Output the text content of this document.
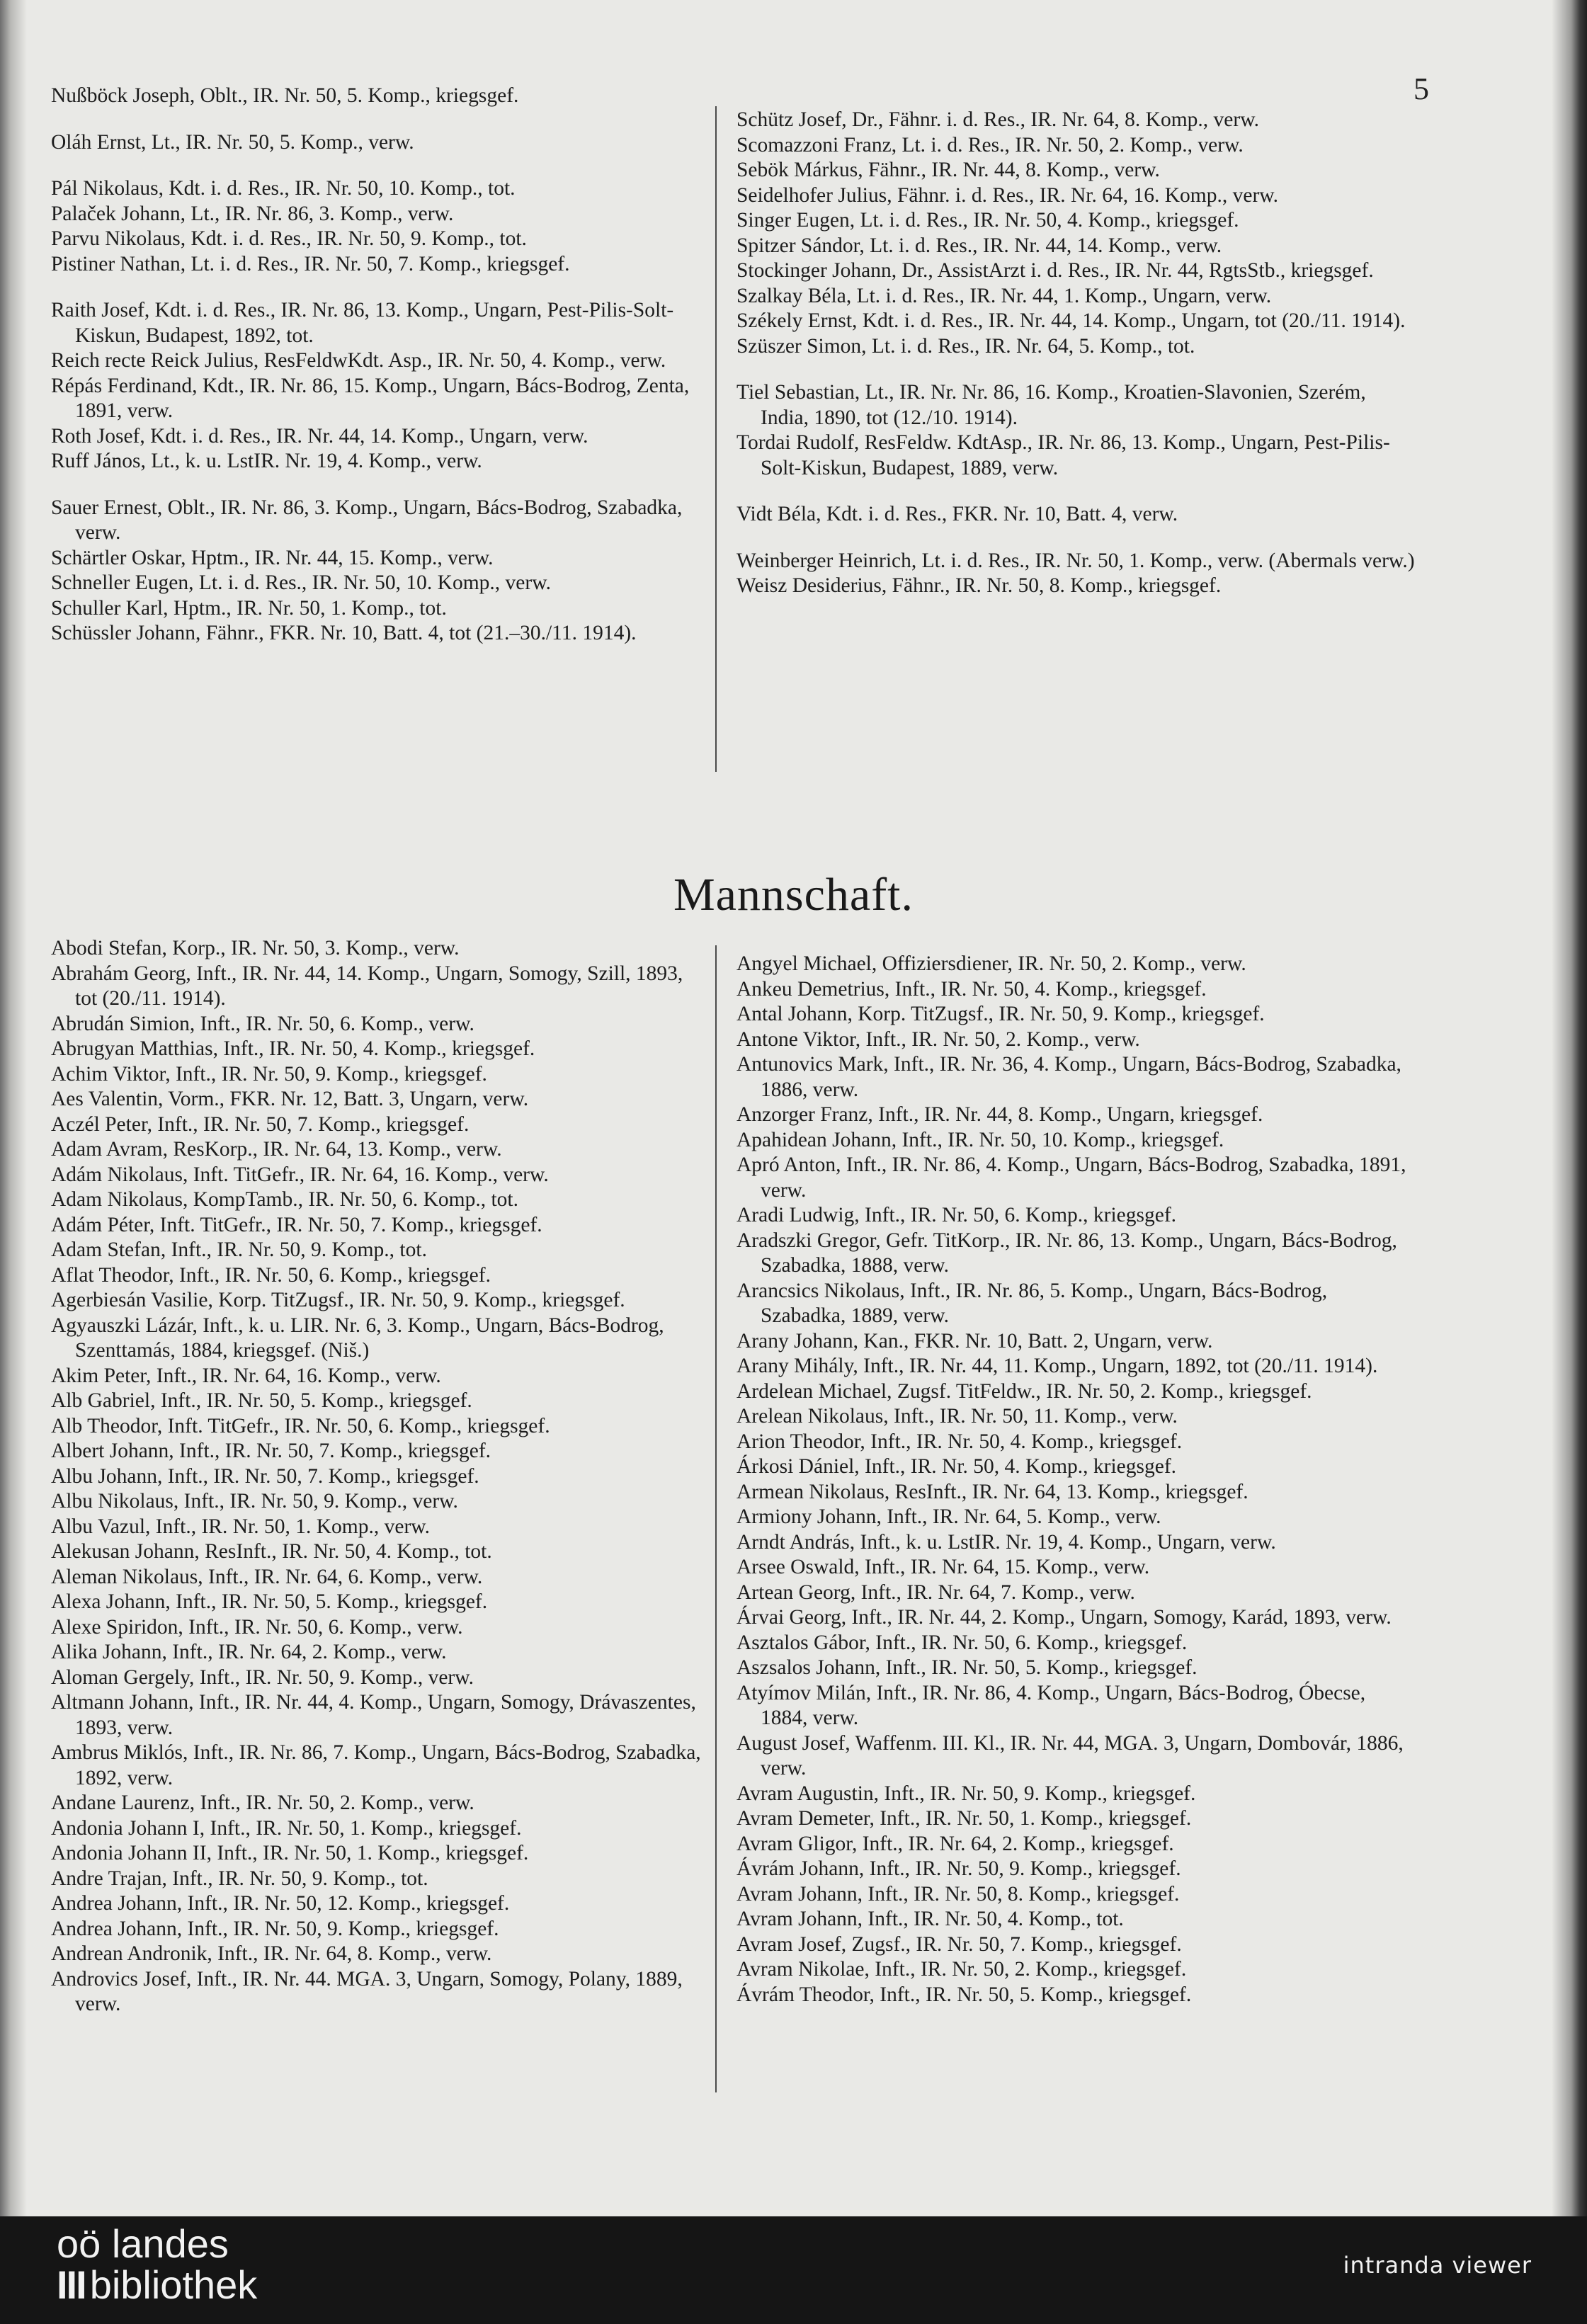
5
Nußböck Joseph, Oblt., IR. Nr. 50, 5. Komp., kriegsgef.
Oláh Ernst, Lt., IR. Nr. 50, 5. Komp., verw.
Pál Nikolaus, Kdt. i. d. Res., IR. Nr. 50, 10. Komp., tot.
Palaček Johann, Lt., IR. Nr. 86, 3. Komp., verw.
Parvu Nikolaus, Kdt. i. d. Res., IR. Nr. 50, 9. Komp., tot.
Pistiner Nathan, Lt. i. d. Res., IR. Nr. 50, 7. Komp., kriegsgef.
Raith Josef, Kdt. i. d. Res., IR. Nr. 86, 13. Komp., Ungarn, Pest-Pilis-Solt-Kiskun, Budapest, 1892, tot.
Reich recte Reick Julius, ResFeldwKdt. Asp., IR. Nr. 50, 4. Komp., verw.
Répás Ferdinand, Kdt., IR. Nr. 86, 15. Komp., Ungarn, Bács-Bodrog, Zenta, 1891, verw.
Roth Josef, Kdt. i. d. Res., IR. Nr. 44, 14. Komp., Ungarn, verw.
Ruff János, Lt., k. u. LstIR. Nr. 19, 4. Komp., verw.
Sauer Ernest, Oblt., IR. Nr. 86, 3. Komp., Ungarn, Bács-Bodrog, Szabadka, verw.
Schärtler Oskar, Hptm., IR. Nr. 44, 15. Komp., verw.
Schneller Eugen, Lt. i. d. Res., IR. Nr. 50, 10. Komp., verw.
Schuller Karl, Hptm., IR. Nr. 50, 1. Komp., tot.
Schüssler Johann, Fähnr., FKR. Nr. 10, Batt. 4, tot (21.–30./11. 1914).
Schütz Josef, Dr., Fähnr. i. d. Res., IR. Nr. 64, 8. Komp., verw.
Scomazzoni Franz, Lt. i. d. Res., IR. Nr. 50, 2. Komp., verw.
Sebök Márkus, Fähnr., IR. Nr. 44, 8. Komp., verw.
Seidelhofer Julius, Fähnr. i. d. Res., IR. Nr. 64, 16. Komp., verw.
Singer Eugen, Lt. i. d. Res., IR. Nr. 50, 4. Komp., kriegsgef.
Spitzer Sándor, Lt. i. d. Res., IR. Nr. 44, 14. Komp., verw.
Stockinger Johann, Dr., AssistArzt i. d. Res., IR. Nr. 44, RgtsStb., kriegsgef.
Szalkay Béla, Lt. i. d. Res., IR. Nr. 44, 1. Komp., Ungarn, verw.
Székely Ernst, Kdt. i. d. Res., IR. Nr. 44, 14. Komp., Ungarn, tot (20./11. 1914).
Szüszer Simon, Lt. i. d. Res., IR. Nr. 64, 5. Komp., tot.
Tiel Sebastian, Lt., IR. Nr. Nr. 86, 16. Komp., Kroatien-Slavonien, Szerém, India, 1890, tot (12./10. 1914).
Tordai Rudolf, ResFeldw. KdtAsp., IR. Nr. 86, 13. Komp., Ungarn, Pest-Pilis-Solt-Kiskun, Budapest, 1889, verw.
Vidt Béla, Kdt. i. d. Res., FKR. Nr. 10, Batt. 4, verw.
Weinberger Heinrich, Lt. i. d. Res., IR. Nr. 50, 1. Komp., verw. (Abermals verw.)
Weisz Desiderius, Fähnr., IR. Nr. 50, 8. Komp., kriegsgef.
Mannschaft.
Abodi Stefan, Korp., IR. Nr. 50, 3. Komp., verw.
Abrahám Georg, Inft., IR. Nr. 44, 14. Komp., Ungarn, Somogy, Szill, 1893, tot (20./11. 1914).
Abrudán Simion, Inft., IR. Nr. 50, 6. Komp., verw.
Abrugyan Matthias, Inft., IR. Nr. 50, 4. Komp., kriegsgef.
Achim Viktor, Inft., IR. Nr. 50, 9. Komp., kriegsgef.
Aes Valentin, Vorm., FKR. Nr. 12, Batt. 3, Ungarn, verw.
Aczél Peter, Inft., IR. Nr. 50, 7. Komp., kriegsgef.
Adam Avram, ResKorp., IR. Nr. 64, 13. Komp., verw.
Adám Nikolaus, Inft. TitGefr., IR. Nr. 64, 16. Komp., verw.
Adam Nikolaus, KompTamb., IR. Nr. 50, 6. Komp., tot.
Adám Péter, Inft. TitGefr., IR. Nr. 50, 7. Komp., kriegsgef.
Adam Stefan, Inft., IR. Nr. 50, 9. Komp., tot.
Aflat Theodor, Inft., IR. Nr. 50, 6. Komp., kriegsgef.
Agerbiesán Vasilie, Korp. TitZugsf., IR. Nr. 50, 9. Komp., kriegsgef.
Agyauszki Lázár, Inft., k. u. LIR. Nr. 6, 3. Komp., Ungarn, Bács-Bodrog, Szenttamás, 1884, kriegsgef. (Niš.)
Akim Peter, Inft., IR. Nr. 64, 16. Komp., verw.
Alb Gabriel, Inft., IR. Nr. 50, 5. Komp., kriegsgef.
Alb Theodor, Inft. TitGefr., IR. Nr. 50, 6. Komp., kriegsgef.
Albert Johann, Inft., IR. Nr. 50, 7. Komp., kriegsgef.
Albu Johann, Inft., IR. Nr. 50, 7. Komp., kriegsgef.
Albu Nikolaus, Inft., IR. Nr. 50, 9. Komp., verw.
Albu Vazul, Inft., IR. Nr. 50, 1. Komp., verw.
Alekusan Johann, ResInft., IR. Nr. 50, 4. Komp., tot.
Aleman Nikolaus, Inft., IR. Nr. 64, 6. Komp., verw.
Alexa Johann, Inft., IR. Nr. 50, 5. Komp., kriegsgef.
Alexe Spiridon, Inft., IR. Nr. 50, 6. Komp., verw.
Alika Johann, Inft., IR. Nr. 64, 2. Komp., verw.
Aloman Gergely, Inft., IR. Nr. 50, 9. Komp., verw.
Altmann Johann, Inft., IR. Nr. 44, 4. Komp., Ungarn, Somogy, Drávaszentes, 1893, verw.
Ambrus Miklós, Inft., IR. Nr. 86, 7. Komp., Ungarn, Bács-Bodrog, Szabadka, 1892, verw.
Andane Laurenz, Inft., IR. Nr. 50, 2. Komp., verw.
Andonia Johann I, Inft., IR. Nr. 50, 1. Komp., kriegsgef.
Andonia Johann II, Inft., IR. Nr. 50, 1. Komp., kriegsgef.
Andre Trajan, Inft., IR. Nr. 50, 9. Komp., tot.
Andrea Johann, Inft., IR. Nr. 50, 12. Komp., kriegsgef.
Andrea Johann, Inft., IR. Nr. 50, 9. Komp., kriegsgef.
Andrean Andronik, Inft., IR. Nr. 64, 8. Komp., verw.
Androvics Josef, Inft., IR. Nr. 44. MGA. 3, Ungarn, Somogy, Polany, 1889, verw.
Angyel Michael, Offiziersdiener, IR. Nr. 50, 2. Komp., verw.
Ankeu Demetrius, Inft., IR. Nr. 50, 4. Komp., kriegsgef.
Antal Johann, Korp. TitZugsf., IR. Nr. 50, 9. Komp., kriegsgef.
Antone Viktor, Inft., IR. Nr. 50, 2. Komp., verw.
Antunovics Mark, Inft., IR. Nr. 36, 4. Komp., Ungarn, Bács-Bodrog, Szabadka, 1886, verw.
Anzorger Franz, Inft., IR. Nr. 44, 8. Komp., Ungarn, kriegsgef.
Apahidean Johann, Inft., IR. Nr. 50, 10. Komp., kriegsgef.
Apró Anton, Inft., IR. Nr. 86, 4. Komp., Ungarn, Bács-Bodrog, Szabadka, 1891, verw.
Aradi Ludwig, Inft., IR. Nr. 50, 6. Komp., kriegsgef.
Aradszki Gregor, Gefr. TitKorp., IR. Nr. 86, 13. Komp., Ungarn, Bács-Bodrog, Szabadka, 1888, verw.
Arancsics Nikolaus, Inft., IR. Nr. 86, 5. Komp., Ungarn, Bács-Bodrog, Szabadka, 1889, verw.
Arany Johann, Kan., FKR. Nr. 10, Batt. 2, Ungarn, verw.
Arany Mihály, Inft., IR. Nr. 44, 11. Komp., Ungarn, 1892, tot (20./11. 1914).
Ardelean Michael, Zugsf. TitFeldw., IR. Nr. 50, 2. Komp., kriegsgef.
Arelean Nikolaus, Inft., IR. Nr. 50, 11. Komp., verw.
Arion Theodor, Inft., IR. Nr. 50, 4. Komp., kriegsgef.
Árkosi Dániel, Inft., IR. Nr. 50, 4. Komp., kriegsgef.
Armean Nikolaus, ResInft., IR. Nr. 64, 13. Komp., kriegsgef.
Armiony Johann, Inft., IR. Nr. 64, 5. Komp., verw.
Arndt András, Inft., k. u. LstIR. Nr. 19, 4. Komp., Ungarn, verw.
Arsee Oswald, Inft., IR. Nr. 64, 15. Komp., verw.
Artean Georg, Inft., IR. Nr. 64, 7. Komp., verw.
Árvai Georg, Inft., IR. Nr. 44, 2. Komp., Ungarn, Somogy, Karád, 1893, verw.
Asztalos Gábor, Inft., IR. Nr. 50, 6. Komp., kriegsgef.
Aszsalos Johann, Inft., IR. Nr. 50, 5. Komp., kriegsgef.
Atyímov Milán, Inft., IR. Nr. 86, 4. Komp., Ungarn, Bács-Bodrog, Óbecse, 1884, verw.
August Josef, Waffenm. III. Kl., IR. Nr. 44, MGA. 3, Ungarn, Dombovár, 1886, verw.
Avram Augustin, Inft., IR. Nr. 50, 9. Komp., kriegsgef.
Avram Demeter, Inft., IR. Nr. 50, 1. Komp., kriegsgef.
Avram Gligor, Inft., IR. Nr. 64, 2. Komp., kriegsgef.
Ávrám Johann, Inft., IR. Nr. 50, 9. Komp., kriegsgef.
Avram Johann, Inft., IR. Nr. 50, 8. Komp., kriegsgef.
Avram Johann, Inft., IR. Nr. 50, 4. Komp., tot.
Avram Josef, Zugsf., IR. Nr. 50, 7. Komp., kriegsgef.
Avram Nikolae, Inft., IR. Nr. 50, 2. Komp., kriegsgef.
Ávrám Theodor, Inft., IR. Nr. 50, 5. Komp., kriegsgef.
oö landes
III bibliothek	intranda viewer
